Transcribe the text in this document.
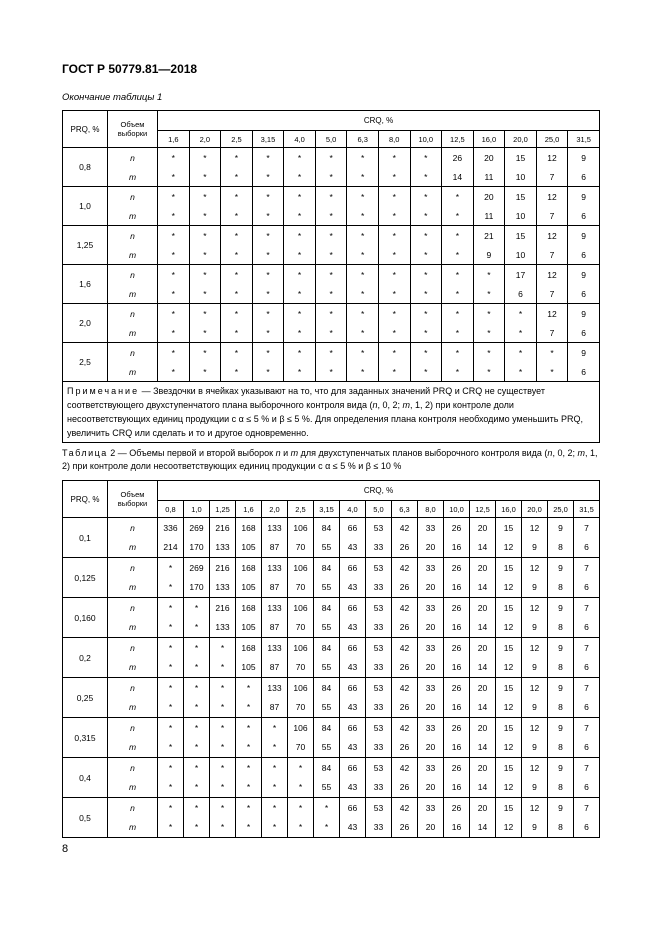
ГОСТ Р 50779.81—2018
Окончание таблицы 1
PRQ, %	Объем выборки	CRQ, %													
		1,6	2,0	2,5	3,15	4,0	5,0	6,3	8,0	10,0	12,5	16,0	20,0	25,0	31,5
0,8	n	*	*	*	*	*	*	*	*	*	26	20	15	12	9
	m	*	*	*	*	*	*	*	*	*	14	11	10	7	6
1,0	n	*	*	*	*	*	*	*	*	*	*	20	15	12	9
	m	*	*	*	*	*	*	*	*	*	*	11	10	7	6
1,25	n	*	*	*	*	*	*	*	*	*	*	21	15	12	9
	m	*	*	*	*	*	*	*	*	*	*	9	10	7	6
1,6	n	*	*	*	*	*	*	*	*	*	*	*	17	12	9
	m	*	*	*	*	*	*	*	*	*	*	*	6	7	6
2,0	n	*	*	*	*	*	*	*	*	*	*	*	*	12	9
	m	*	*	*	*	*	*	*	*	*	*	*	*	7	6
2,5	n	*	*	*	*	*	*	*	*	*	*	*	*	*	9
	m	*	*	*	*	*	*	*	*	*	*	*	*	*	6
Примечание — Звездочки в ячейках указывают на то, что для заданных значений PRQ и CRQ не существует соответствующего двухступенчатого плана выборочного контроля вида (n, 0, 2; m, 1, 2) при контроле доли несоответствующих единиц продукции с α ≤ 5 % и β ≤ 5 %. Для определения плана контроля необходимо уменьшить PRQ, увеличить CRQ или сделать и то и другое одновременно.															
Таблица 2 — Объемы первой и второй выборок n и m для двухступенчатых планов выборочного контроля вида (n, 0, 2; m, 1, 2) при контроле доли несоответствующих единиц продукции с α ≤ 5 % и β ≤ 10 %
PRQ, %	Объем выборки	CRQ, %																
		0,8	1,0	1,25	1,6	2,0	2,5	3,15	4,0	5,0	6,3	8,0	10,0	12,5	16,0	20,0	25,0	31,5
0,1	n	336	269	216	168	133	106	84	66	53	42	33	26	20	15	12	9	7
	m	214	170	133	105	87	70	55	43	33	26	20	16	14	12	9	8	6
0,125	n	*	269	216	168	133	106	84	66	53	42	33	26	20	15	12	9	7
	m	*	170	133	105	87	70	55	43	33	26	20	16	14	12	9	8	6
0,160	n	*	*	216	168	133	106	84	66	53	42	33	26	20	15	12	9	7
	m	*	*	133	105	87	70	55	43	33	26	20	16	14	12	9	8	6
0,2	n	*	*	*	168	133	106	84	66	53	42	33	26	20	15	12	9	7
	m	*	*	*	105	87	70	55	43	33	26	20	16	14	12	9	8	6
0,25	n	*	*	*	*	133	106	84	66	53	42	33	26	20	15	12	9	7
	m	*	*	*	*	87	70	55	43	33	26	20	16	14	12	9	8	6
0,315	n	*	*	*	*	*	106	84	66	53	42	33	26	20	15	12	9	7
	m	*	*	*	*	*	70	55	43	33	26	20	16	14	12	9	8	6
0,4	n	*	*	*	*	*	*	84	66	53	42	33	26	20	15	12	9	7
	m	*	*	*	*	*	*	55	43	33	26	20	16	14	12	9	8	6
0,5	n	*	*	*	*	*	*	*	66	53	42	33	26	20	15	12	9	7
	m	*	*	*	*	*	*	*	43	33	26	20	16	14	12	9	8	6
8
